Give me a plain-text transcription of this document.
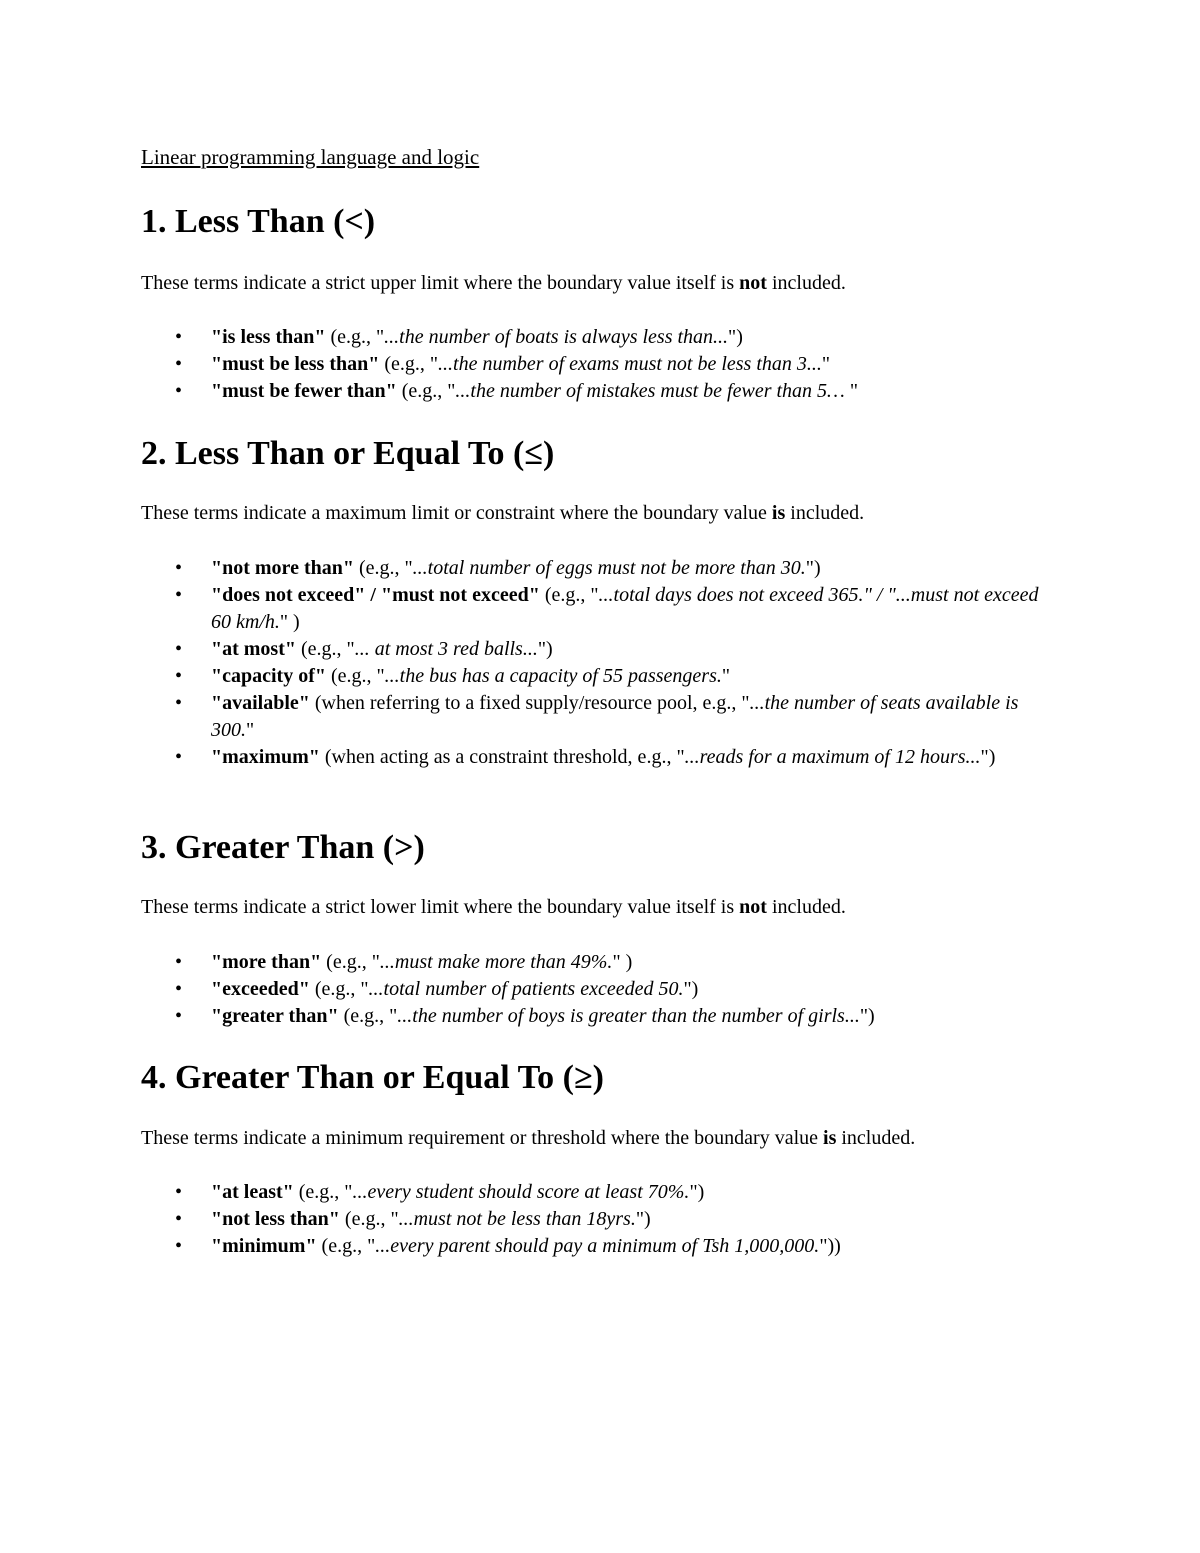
Linear programming language and logic
1. Less Than (<)

These terms indicate a strict upper limit where the boundary value itself is not included.

• "is less than" (e.g., "...the number of boats is always less than...")
• "must be less than" (e.g., "...the number of exams must not be less than 3..."
• "must be fewer than" (e.g., "...the number of mistakes must be fewer than 5… "
2. Less Than or Equal To (≤)

These terms indicate a maximum limit or constraint where the boundary value is included.

• "not more than" (e.g., "...total number of eggs must not be more than 30.")
• "does not exceed" / "must not exceed" (e.g., "...total days does not exceed 365." / "...must not exceed 60 km/h." )
• "at most" (e.g., "... at most 3 red balls...")
• "capacity of" (e.g., "...the bus has a capacity of 55 passengers."
• "available" (when referring to a fixed supply/resource pool, e.g., "...the number of seats available is 300."
• "maximum" (when acting as a constraint threshold, e.g., "...reads for a maximum of 12 hours...")
3. Greater Than (>)

These terms indicate a strict lower limit where the boundary value itself is not included.

• "more than" (e.g., "...must make more than 49%." )
• "exceeded" (e.g., "...total number of patients exceeded 50.")
• "greater than" (e.g., "...the number of boys is greater than the number of girls...")
4. Greater Than or Equal To (≥)

These terms indicate a minimum requirement or threshold where the boundary value is included.

• "at least" (e.g., "...every student should score at least 70%.")
• "not less than" (e.g., "...must not be less than 18yrs.")
• "minimum" (e.g., "...every parent should pay a minimum of Tsh 1,000,000."))
